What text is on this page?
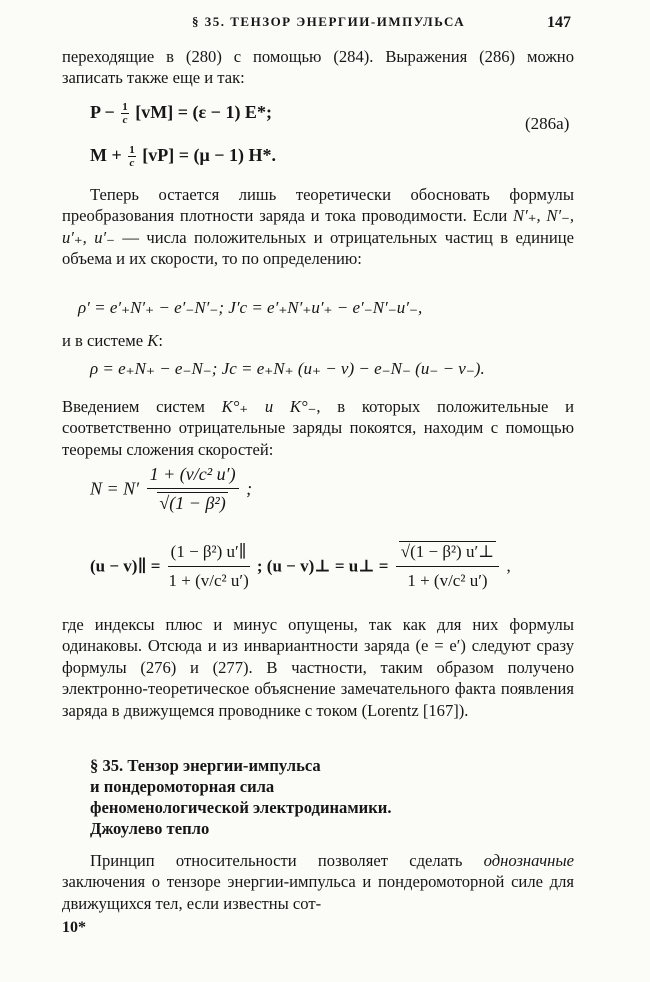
§ 35. ТЕНЗОР ЭНЕРГИИ-ИМПУЛЬСА	147

переходящие в (280) с помощью (284). Выражения (286) можно записать также еще и так:

$P - \frac{1}{c} [vM] = (\varepsilon - 1)$ E*;
(286a)
$M + \frac{1}{c} [vP] = (\mu - 1)$ H*.

Теперь остается лишь теоретически обосновать формулы преобразования плотности заряда и тока проводимости. Если N′₊, N′₋, u′₊, u′₋ — числа положительных и отрицательных частиц в единице объема и их скорости, то по определению:

ρ′ = e′₊N′₊ − e′₋N′₋; J′c = e′₊N′₊u′₊ − e′₋N′₋u′₋,

и в системе K:

ρ = e₊N₊ − e₋N₋; Jc = e₊N₊ (u₊ − v) − e₋N₋ (u₋ − v₋).

Введением систем K°₊ и K°₋, в которых положительные и соответственно отрицательные заряды покоятся, находим с помощью теоремы сложения скоростей:

$N = N' \frac{\text{1 + (v/c² u′)}}{\text{√(1 − β²)}}$ ;
(u − v)∥ = $\frac{\text{(1 − β²) u′∥}}{\text{1 + (v/c² u′)}}$ ; (u − v)⊥ = u⊥ = $\frac{\text{√(1 − β²) u′⊥}}{\text{1 + (v/c² u′)}}$ ,

где индексы плюс и минус опущены, так как для них формулы одинаковы. Отсюда и из инвариантности заряда (e = e′) следуют сразу формулы (276) и (277). В частности, таким образом получено электронно-теоретическое объяснение замечательного факта появления заряда в движущемся проводнике с током (Lorentz [167]).

§ 35. Тензор энергии-импульса
и пондеромоторная сила
феноменологической электродинамики.
Джоулево тепло

Принцип относительности позволяет сделать однозначные заключения о тензоре энергии-импульса и пондеромоторной силе для движущихся тел, если известны сот-

10*
